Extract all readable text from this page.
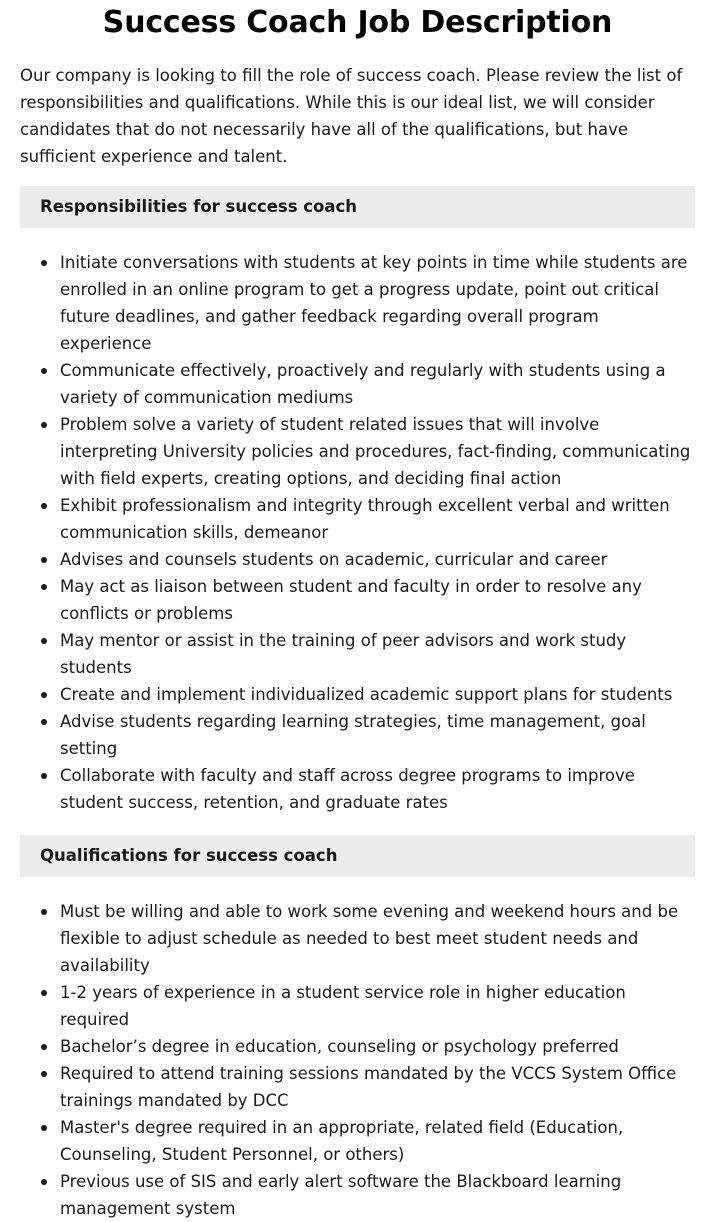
Success Coach Job Description

Our company is looking to fill the role of success coach. Please review the list of responsibilities and qualifications. While this is our ideal list, we will consider candidates that do not necessarily have all of the qualifications, but have sufficient experience and talent.

Responsibilities for success coach
Initiate conversations with students at key points in time while students are enrolled in an online program to get a progress update, point out critical future deadlines, and gather feedback regarding overall program experience
Communicate effectively, proactively and regularly with students using a variety of communication mediums
Problem solve a variety of student related issues that will involve interpreting University policies and procedures, fact-finding, communicating with field experts, creating options, and deciding final action
Exhibit professionalism and integrity through excellent verbal and written communication skills, demeanor
Advises and counsels students on academic, curricular and career
May act as liaison between student and faculty in order to resolve any conflicts or problems
May mentor or assist in the training of peer advisors and work study students
Create and implement individualized academic support plans for students
Advise students regarding learning strategies, time management, goal setting
Collaborate with faculty and staff across degree programs to improve student success, retention, and graduate rates
Qualifications for success coach
Must be willing and able to work some evening and weekend hours and be flexible to adjust schedule as needed to best meet student needs and availability
1-2 years of experience in a student service role in higher education required
Bachelor’s degree in education, counseling or psychology preferred
Required to attend training sessions mandated by the VCCS System Office trainings mandated by DCC
Master's degree required in an appropriate, related field (Education, Counseling, Student Personnel, or others)
Previous use of SIS and early alert software the Blackboard learning management system
